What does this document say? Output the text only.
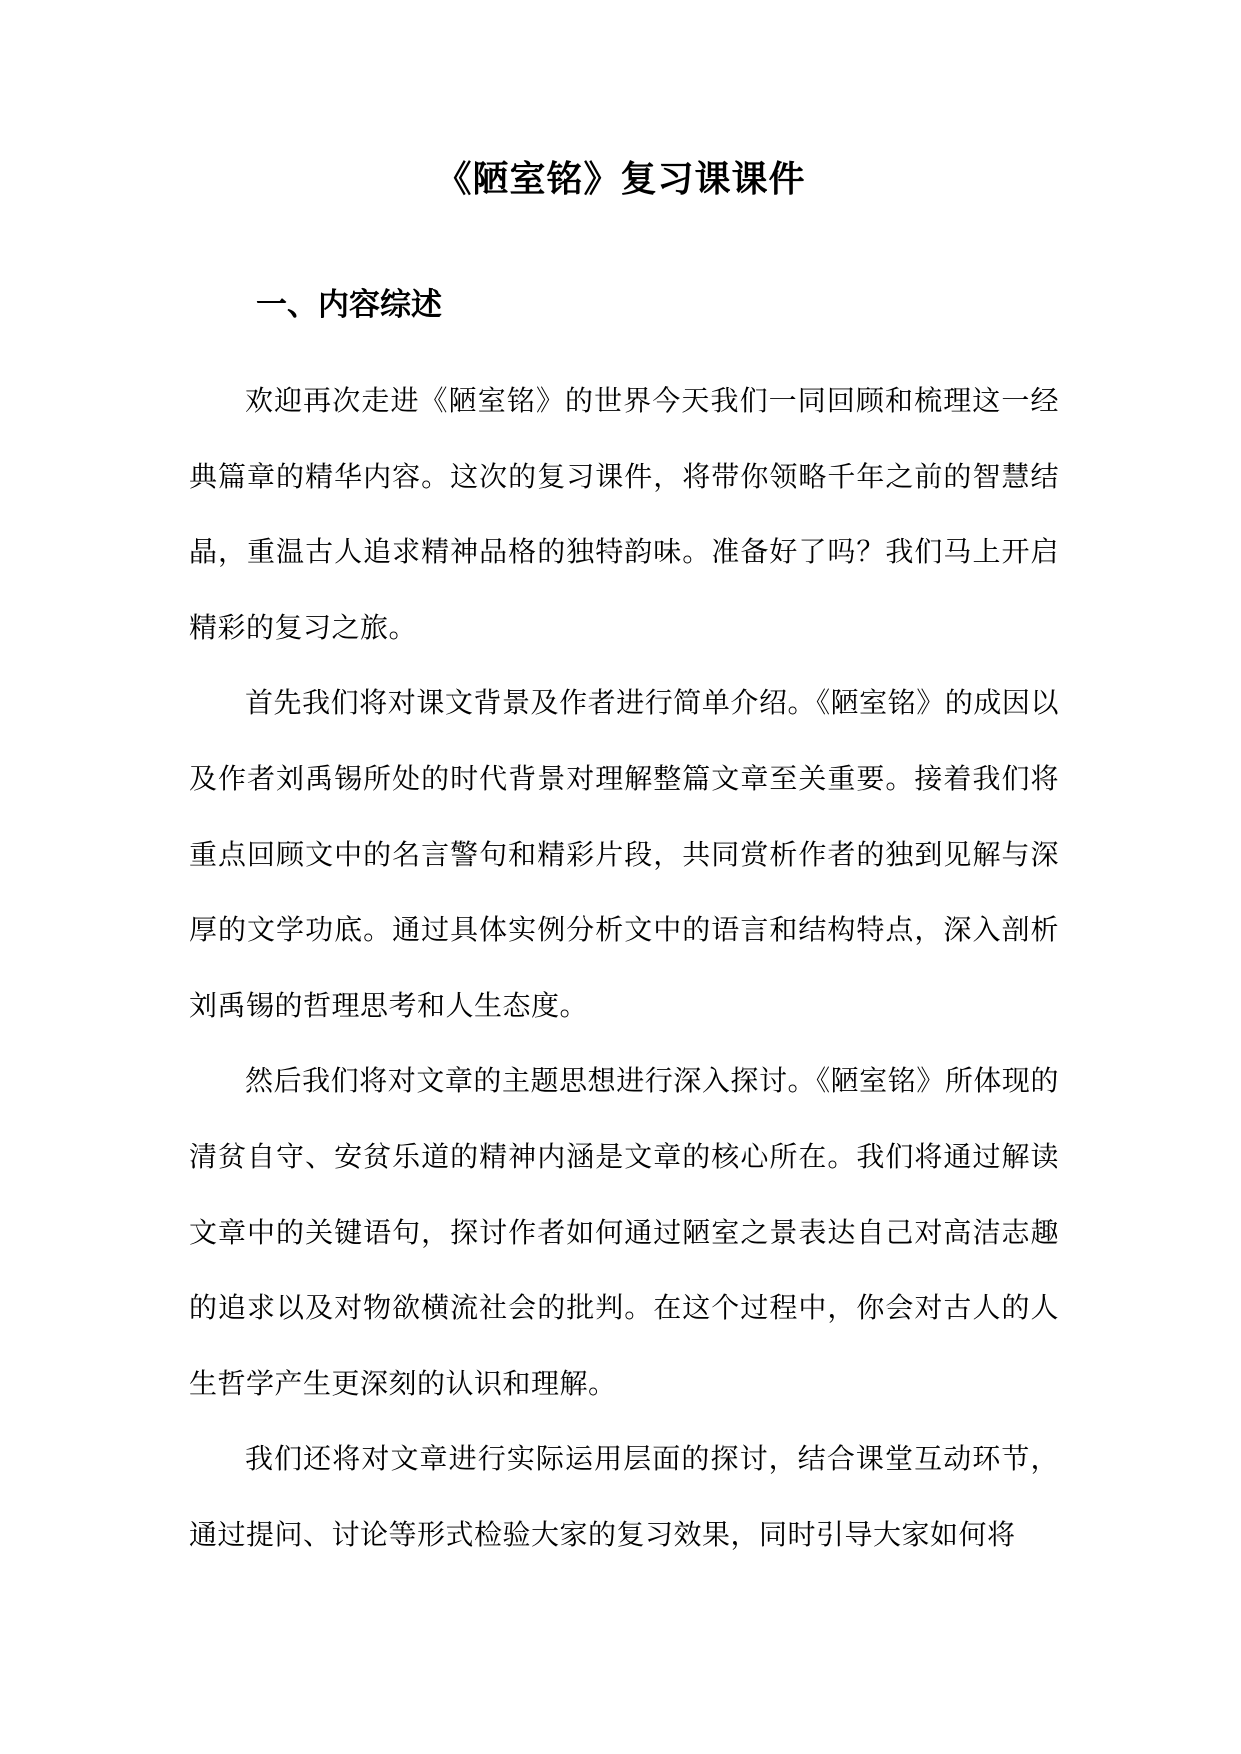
《陋室铭》复习课课件
一、内容综述

欢迎再次走进《陋室铭》的世界今天我们一同回顾和梳理这一经典篇章的精华内容。这次的复习课件，将带你领略千年之前的智慧结晶，重温古人追求精神品格的独特韵味。准备好了吗？我们马上开启精彩的复习之旅。

首先我们将对课文背景及作者进行简单介绍。《陋室铭》的成因以及作者刘禹锡所处的时代背景对理解整篇文章至关重要。接着我们将重点回顾文中的名言警句和精彩片段，共同赏析作者的独到见解与深厚的文学功底。通过具体实例分析文中的语言和结构特点，深入剖析刘禹锡的哲理思考和人生态度。

然后我们将对文章的主题思想进行深入探讨。《陋室铭》所体现的清贫自守、安贫乐道的精神内涵是文章的核心所在。我们将通过解读文章中的关键语句，探讨作者如何通过陋室之景表达自己对高洁志趣的追求以及对物欲横流社会的批判。在这个过程中，你会对古人的人生哲学产生更深刻的认识和理解。

我们还将对文章进行实际运用层面的探讨，结合课堂互动环节，通过提问、讨论等形式检验大家的复习效果，同时引导大家如何将
